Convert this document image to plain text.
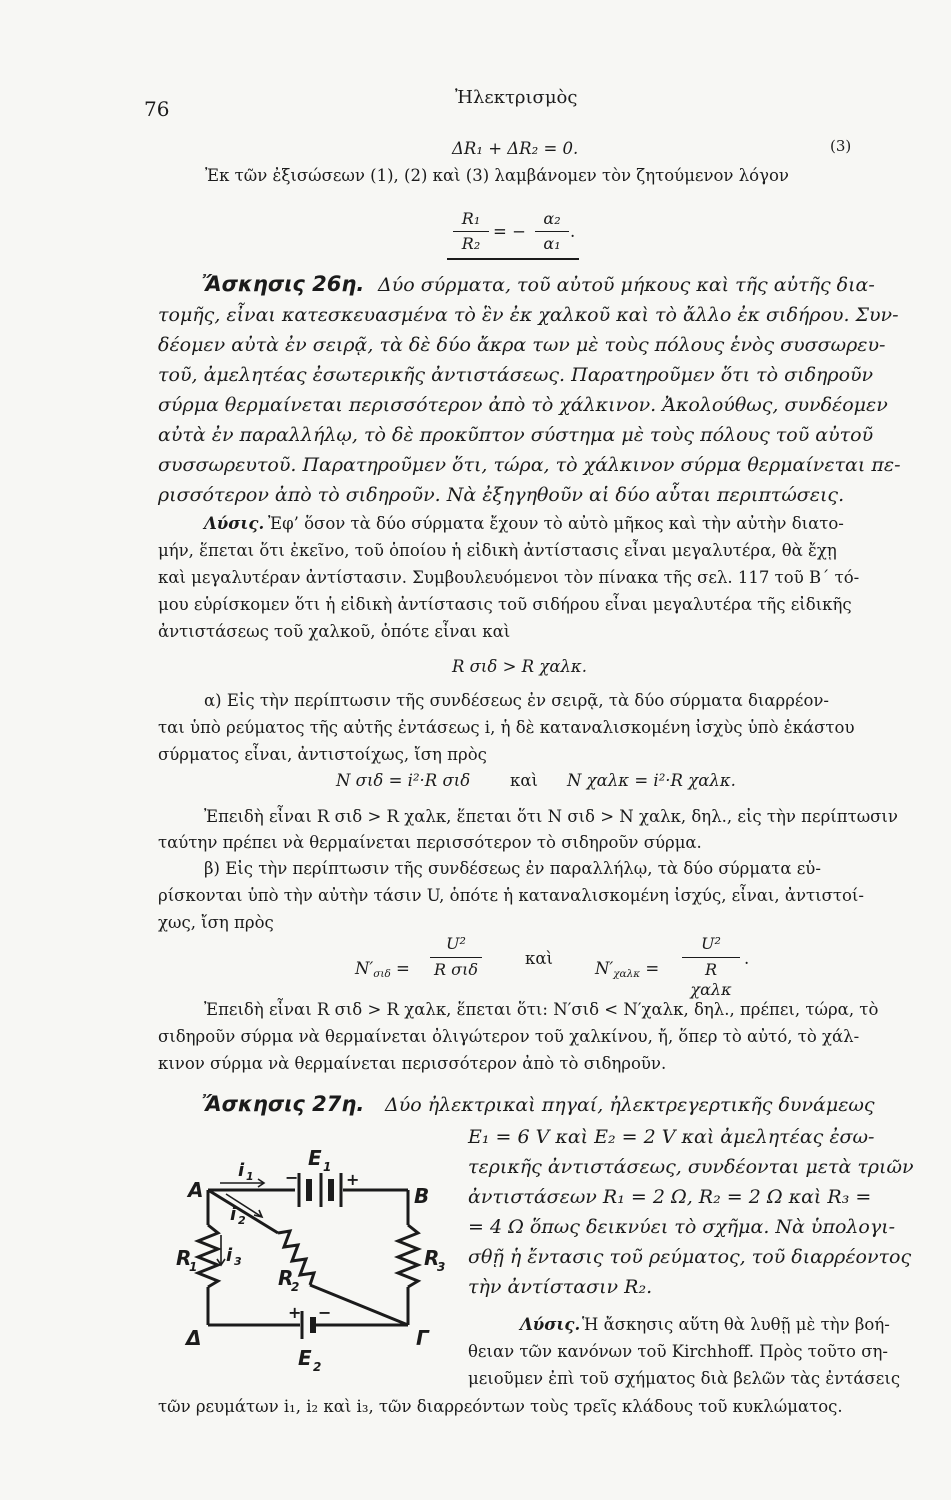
76	Ἠλεκτρισμὸς
ΔR₁ + ΔR₂ = 0.	(3)
Ἐκ τῶν ἐξισώσεων (1), (2) καὶ (3) λαμβάνομεν τὸν ζητούμενον λόγον
R₁
R₂
= −
α₂
α₁
.
Ἄσκησις 26η. Δύο σύρματα, τοῦ αὐτοῦ μήκους καὶ τῆς αὐτῆς δια-
τομῆς, εἶναι κατεσκευασμένα τὸ ἓν ἐκ χαλκοῦ καὶ τὸ ἄλλο ἐκ σιδήρου. Συν-
δέομεν αὐτὰ ἐν σειρᾷ, τὰ δὲ δύο ἄκρα των μὲ τοὺς πόλους ἑνὸς συσσωρευ-
τοῦ, ἀμελητέας ἐσωτερικῆς ἀντιστάσεως. Παρατηροῦμεν ὅτι τὸ σιδηροῦν
σύρμα θερμαίνεται περισσότερον ἀπὸ τὸ χάλκινον. Ἀκολούθως, συνδέομεν
αὐτὰ ἐν παραλλήλῳ, τὸ δὲ προκῦπτον σύστημα μὲ τοὺς πόλους τοῦ αὐτοῦ
συσσωρευτοῦ. Παρατηροῦμεν ὅτι, τώρα, τὸ χάλκινον σύρμα θερμαίνεται πε-
ρισσότερον ἀπὸ τὸ σιδηροῦν. Νὰ ἐξηγηθοῦν αἱ δύο αὗται περιπτώσεις.
Λύσις. Ἐφ’ ὅσον τὰ δύο σύρματα ἔχουν τὸ αὐτὸ μῆκος καὶ τὴν αὐτὴν διατο-
μήν, ἕπεται ὅτι ἐκεῖνο, τοῦ ὁποίου ἡ εἰδικὴ ἀντίστασις εἶναι μεγαλυτέρα, θὰ ἔχῃ
καὶ μεγαλυτέραν ἀντίστασιν. Συμβουλευόμενοι τὸν πίνακα τῆς σελ. 117 τοῦ Β΄ τό-
μου εὑρίσκομεν ὅτι ἡ εἰδικὴ ἀντίστασις τοῦ σιδήρου εἶναι μεγαλυτέρα τῆς εἰδικῆς
ἀντιστάσεως τοῦ χαλκοῦ, ὁπότε εἶναι καὶ
R σιδ > R χαλκ.
α) Εἰς τὴν περίπτωσιν τῆς συνδέσεως ἐν σειρᾷ, τὰ δύο σύρματα διαρρέον-
ται ὑπὸ ρεύματος τῆς αὐτῆς ἐντάσεως i, ἡ δὲ καταναλισκομένη ἰσχὺς ὑπὸ ἑκάστου
σύρματος εἶναι, ἀντιστοίχως, ἴση πρὸς
N σιδ = i²·R σιδ καὶ N χαλκ = i²·R χαλκ.
Ἐπειδὴ εἶναι R σιδ > R χαλκ, ἕπεται ὅτι N σιδ > N χαλκ, δηλ., εἰς τὴν περίπτωσιν
ταύτην πρέπει νὰ θερμαίνεται περισσότερον τὸ σιδηροῦν σύρμα.
β) Εἰς τὴν περίπτωσιν τῆς συνδέσεως ἐν παραλλήλῳ, τὰ δύο σύρματα εὑ-
ρίσκονται ὑπὸ τὴν αὐτὴν τάσιν U, ὁπότε ἡ καταναλισκομένη ἰσχύς, εἶναι, ἀντιστοί-
χως, ἴση πρὸς
$N'_{\sigma\iota\delta}$ =
U²
R σιδ
καὶ
$N'_{\chi\alpha\lambda\kappa}$ =
U²
R χαλκ
.
Ἐπειδὴ εἶναι R σιδ > R χαλκ, ἕπεται ὅτι: N′σιδ < N′χαλκ, δηλ., πρέπει, τώρα, τὸ
σιδηροῦν σύρμα νὰ θερμαίνεται ὀλιγώτερον τοῦ χαλκίνου, ἤ, ὅπερ τὸ αὐτό, τὸ χάλ-
κινον σύρμα νὰ θερμαίνεται περισσότερον ἀπὸ τὸ σιδηροῦν.
Ἄσκησις 27η. Δύο ἠλεκτρικαὶ πηγαί, ἠλεκτρεγερτικῆς δυνάμεως
E₁ = 6 V καὶ E₂ = 2 V καὶ ἀμελητέας ἐσω-
τερικῆς ἀντιστάσεως, συνδέονται μετὰ τριῶν
ἀντιστάσεων R₁ = 2 Ω, R₂ = 2 Ω καὶ R₃ =
= 4 Ω ὅπως δεικνύει τὸ σχῆμα. Νὰ ὑπολογι-
σθῇ ἡ ἔντασις τοῦ ρεύματος, τοῦ διαρρέοντος
τὴν ἀντίστασιν R₂.
Λύσις. Ἡ ἄσκησις αὕτη θὰ λυθῇ μὲ τὴν βοή-
θειαν τῶν κανόνων τοῦ Kirchhoff. Πρὸς τοῦτο ση-
μειοῦμεν ἐπὶ τοῦ σχήματος διὰ βελῶν τὰς ἐντάσεις
τῶν ρευμάτων i₁, i₂ καὶ i₃, τῶν διαρρεόντων τοὺς τρεῖς κλάδους τοῦ κυκλώματος.
A	B
Δ	Γ
E 1
E 2
i 1
i 2
i 3
R
1	R
2
R
3
−	+
+ −
